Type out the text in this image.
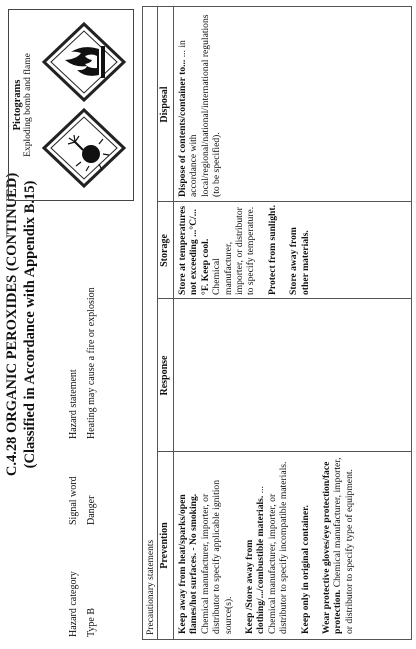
C.4.28 ORGANIC PEROXIDES (CONTINUED) (Classified in Accordance with Appendix B.15)
Hazard category Type B
Signal word Danger
Hazard statement Heating may cause a fire or explosion
Pictograms Exploding bomb and flame
Precautionary statements Prevention
Response
Storage
Disposal

Keep away from heat/sparks/open flames/hot surfaces. - No smoking. Chemical manufacturer, importer, or distributor to specify applicable ignition source(s). Keep /Store away from clothing/.../combustible materials. ... Chemical manufacturer, importer, or distributor to specify incompatible materials. Keep only in original container. Wear protective gloves/eye protection/face protection. Chemical manufacturer, importer, or distributor to specify type of equipment.

Store at temperatures not exceeding ...°C/...°F. Keep cool. Chemical manufacturer, importer, or distributor to specify temperature. Protect from sunlight. Store away from other materials.

Dispose of contents/container to... ... in accordance with local/regional/national/international regulations (to be specified).
